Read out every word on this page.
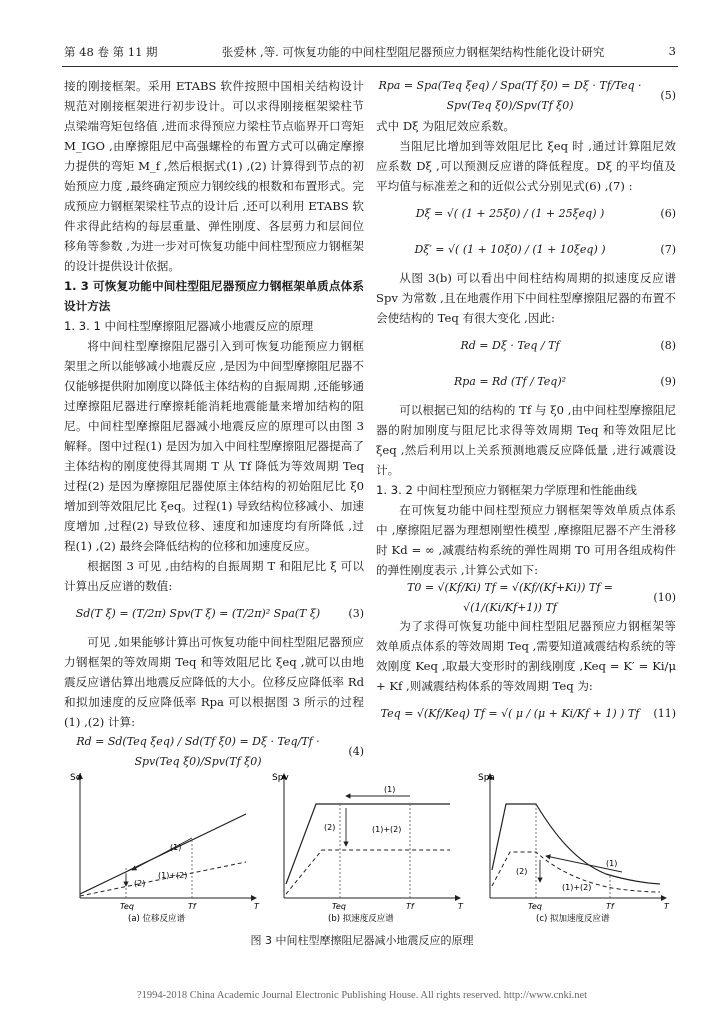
第 48 卷 第 11 期	张爱林 ,等. 可恢复功能的中间柱型阻尼器预应力钢框架结构性能化设计研究	3

接的刚接框架。采用 ETABS 软件按照中国相关结构设计规范对刚接框架进行初步设计。可以求得刚接框架梁柱节点梁端弯矩包络值 ,进而求得预应力梁柱节点临界开口弯矩 M_IGO ,由摩擦阻尼中高强螺栓的布置方式可以确定摩擦力提供的弯矩 M_f ,然后根据式(1) ,(2) 计算得到节点的初始预应力度 ,最终确定预应力钢绞线的根数和布置形式。完成预应力钢框架梁柱节点的设计后 ,还可以利用 ETABS 软件求得此结构的每层重量、弹性刚度、各层剪力和层间位移角等参数 ,为进一步对可恢复功能中间柱型预应力钢框架的设计提供设计依据。

1. 3 可恢复功能中间柱型阻尼器预应力钢框架单质点体系设计方法

1. 3. 1 中间柱型摩擦阻尼器减小地震反应的原理

将中间柱型摩擦阻尼器引入到可恢复功能预应力钢框架里之所以能够减小地震反应 ,是因为中间型摩擦阻尼器不仅能够提供附加刚度以降低主体结构的自振周期 ,还能够通过摩擦阻尼器进行摩擦耗能消耗地震能量来增加结构的阻尼。中间柱型摩擦阻尼器减小地震反应的原理可以由图 3 解释。图中过程(1) 是因为加入中间柱型摩擦阻尼器提高了主体结构的刚度使得其周期 T 从 Tf 降低为等效周期 Teq 过程(2) 是因为摩擦阻尼器使原主体结构的初始阻尼比 ξ0 增加到等效阻尼比 ξeq。过程(1) 导致结构位移减小、加速度增加 ,过程(2) 导致位移、速度和加速度均有所降低 ,过程(1) ,(2) 最终会降低结构的位移和加速度反应。

根据图 3 可见 ,由结构的自振周期 T 和阻尼比 ξ 可以计算出反应谱的数值:

Sd(T ξ) = (T/2π) Spv(T ξ) = (T/2π)² Spa(T ξ)	(3)

可见 ,如果能够计算出可恢复功能中间柱型阻尼器预应力钢框架的等效周期 Teq 和等效阻尼比 ξeq ,就可以由地震反应谱估算出地震反应降低的大小。位移反应降低率 Rd 和拟加速度的反应降低率 Rpa 可以根据图 3 所示的过程(1) ,(2) 计算:

Rd = Sd(Teq ξeq) / Sd(Tf ξ0) = Dξ · Teq/Tf · Spv(Teq ξ0)/Spv(Tf ξ0)
(4)
Rpa = Spa(Teq ξeq) / Spa(Tf ξ0) = Dξ · Tf/Teq · Spv(Teq ξ0)/Spv(Tf ξ0)
(5)

式中 Dξ 为阻尼效应系数。

当阻尼比增加到等效阻尼比 ξeq 时 ,通过计算阻尼效应系数 Dξ ,可以预测反应谱的降低程度。Dξ 的平均值及平均值与标准差之和的近似公式分别见式(6) ,(7) :

Dξ = √( (1 + 25ξ0) / (1 + 25ξeq) )	(6)
Dξ′ = √( (1 + 10ξ0) / (1 + 10ξeq) )	(7)

从图 3(b) 可以看出中间柱结构周期的拟速度反应谱 Spv 为常数 ,且在地震作用下中间柱型摩擦阻尼器的布置不会使结构的 Teq 有很大变化 ,因此:

Rd = Dξ · Teq / Tf	(8)
Rpa = Rd (Tf / Teq)²	(9)

可以根据已知的结构的 Tf 与 ξ0 ,由中间柱型摩擦阻尼器的附加刚度与阻尼比求得等效周期 Teq 和等效阻尼比 ξeq ,然后利用以上关系预测地震反应降低量 ,进行减震设计。

1. 3. 2 中间柱型预应力钢框架力学原理和性能曲线

在可恢复功能中间柱型预应力钢框架等效单质点体系中 ,摩擦阻尼器为理想刚塑性模型 ,摩擦阻尼器不产生滑移时 Kd = ∞ ,减震结构系统的弹性周期 T0 可用各组成构件的弹性刚度表示 ,计算公式如下:

T0 = √(Kf/Ki) Tf = √(Kf/(Kf+Ki)) Tf = √(1/(Ki/Kf+1)) Tf
(10)

为了求得可恢复功能中间柱型阻尼器预应力钢框架等效单质点体系的等效周期 Teq ,需要知道减震结构系统的等效刚度 Keq ,取最大变形时的割线刚度 ,Keq = K′ = Ki/μ + Kf ,则减震结构体系的等效周期 Teq 为:

Teq = √(Kf/Keq) Tf = √( μ / (μ + Ki/Kf + 1) ) Tf	(11)
Sd
(1)
(2)
(1)+(2)
Teq	Tf	T
(a) 位移反应谱
Spv
(1)
(2)	(1)+(2)
Teq	Tf	T
(b) 拟速度反应谱
Spa
(1)
(2)
(1)+(2)
Teq	Tf	T
(c) 拟加速度反应谱
图 3 中间柱型摩擦阻尼器减小地震反应的原理
?1994-2018 China Academic Journal Electronic Publishing House. All rights reserved. http://www.cnki.net
